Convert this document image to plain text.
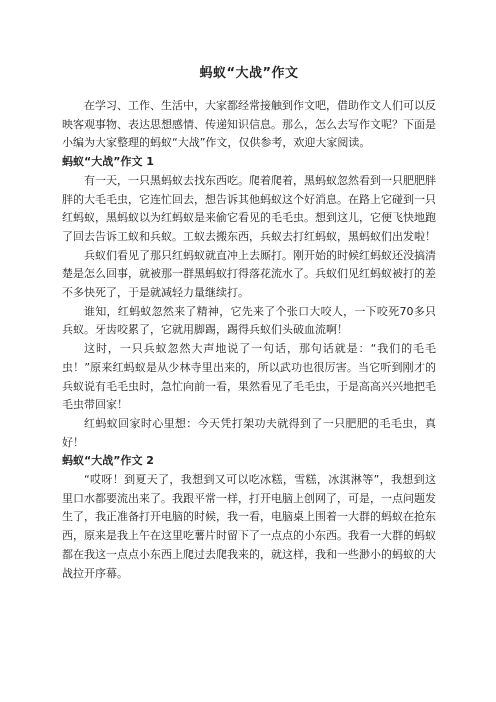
蚂蚁“大战”作文

在学习、工作、生活中，大家都经常接触到作文吧，借助作文人们可以反映客观事物、表达思想感情、传递知识信息。那么，怎么去写作文呢？下面是小编为大家整理的蚂蚁“大战”作文，仅供参考，欢迎大家阅读。

蚂蚁“大战”作文 1

有一天，一只黑蚂蚁去找东西吃。爬着爬着，黑蚂蚁忽然看到一只肥肥胖胖的大毛毛虫，它连忙回去，想告诉其他蚂蚁这个好消息。在路上它碰到一只红蚂蚁，黑蚂蚁以为红蚂蚁是来偷它看见的毛毛虫。想到这儿，它便飞快地跑了回去告诉工蚁和兵蚁。工蚁去搬东西，兵蚁去打红蚂蚁，黑蚂蚁们出发啦！

兵蚁们看见了那只红蚂蚁就直冲上去厮打。刚开始的时候红蚂蚁还没搞清楚是怎么回事，就被那一群黑蚂蚁打得落花流水了。兵蚁们见红蚂蚁被打的差不多快死了，于是就减轻力量继续打。

谁知，红蚂蚁忽然来了精神，它先来了个张口大咬人，一下咬死70多只兵蚁。牙齿咬累了，它就用脚踢，踢得兵蚁们头破血流啊！

这时，一只兵蚁忽然大声地说了一句话，那句话就是：“我们的毛毛虫！”原来红蚂蚁是从少林寺里出来的，所以武功也很厉害。当它听到刚才的兵蚁说有毛毛虫时，急忙向前一看，果然看见了毛毛虫，于是高高兴兴地把毛毛虫带回家！

红蚂蚁回家时心里想：今天凭打架功夫就得到了一只肥肥的毛毛虫，真好！

蚂蚁“大战”作文 2

“哎呀！到夏天了，我想到又可以吃冰糕，雪糕，冰淇淋等”，我想到这里口水都要流出来了。我跟平常一样，打开电脑上创网了，可是，一点问题发生了，我正准备打开电脑的时候，我一看，电脑桌上围着一大群的蚂蚁在抢东西，原来是我上午在这里吃薯片时留下了一点点的小东西。我看一大群的蚂蚁都在我这一点点小东西上爬过去爬我来的，就这样，我和一些渺小的蚂蚁的大战拉开序幕。
